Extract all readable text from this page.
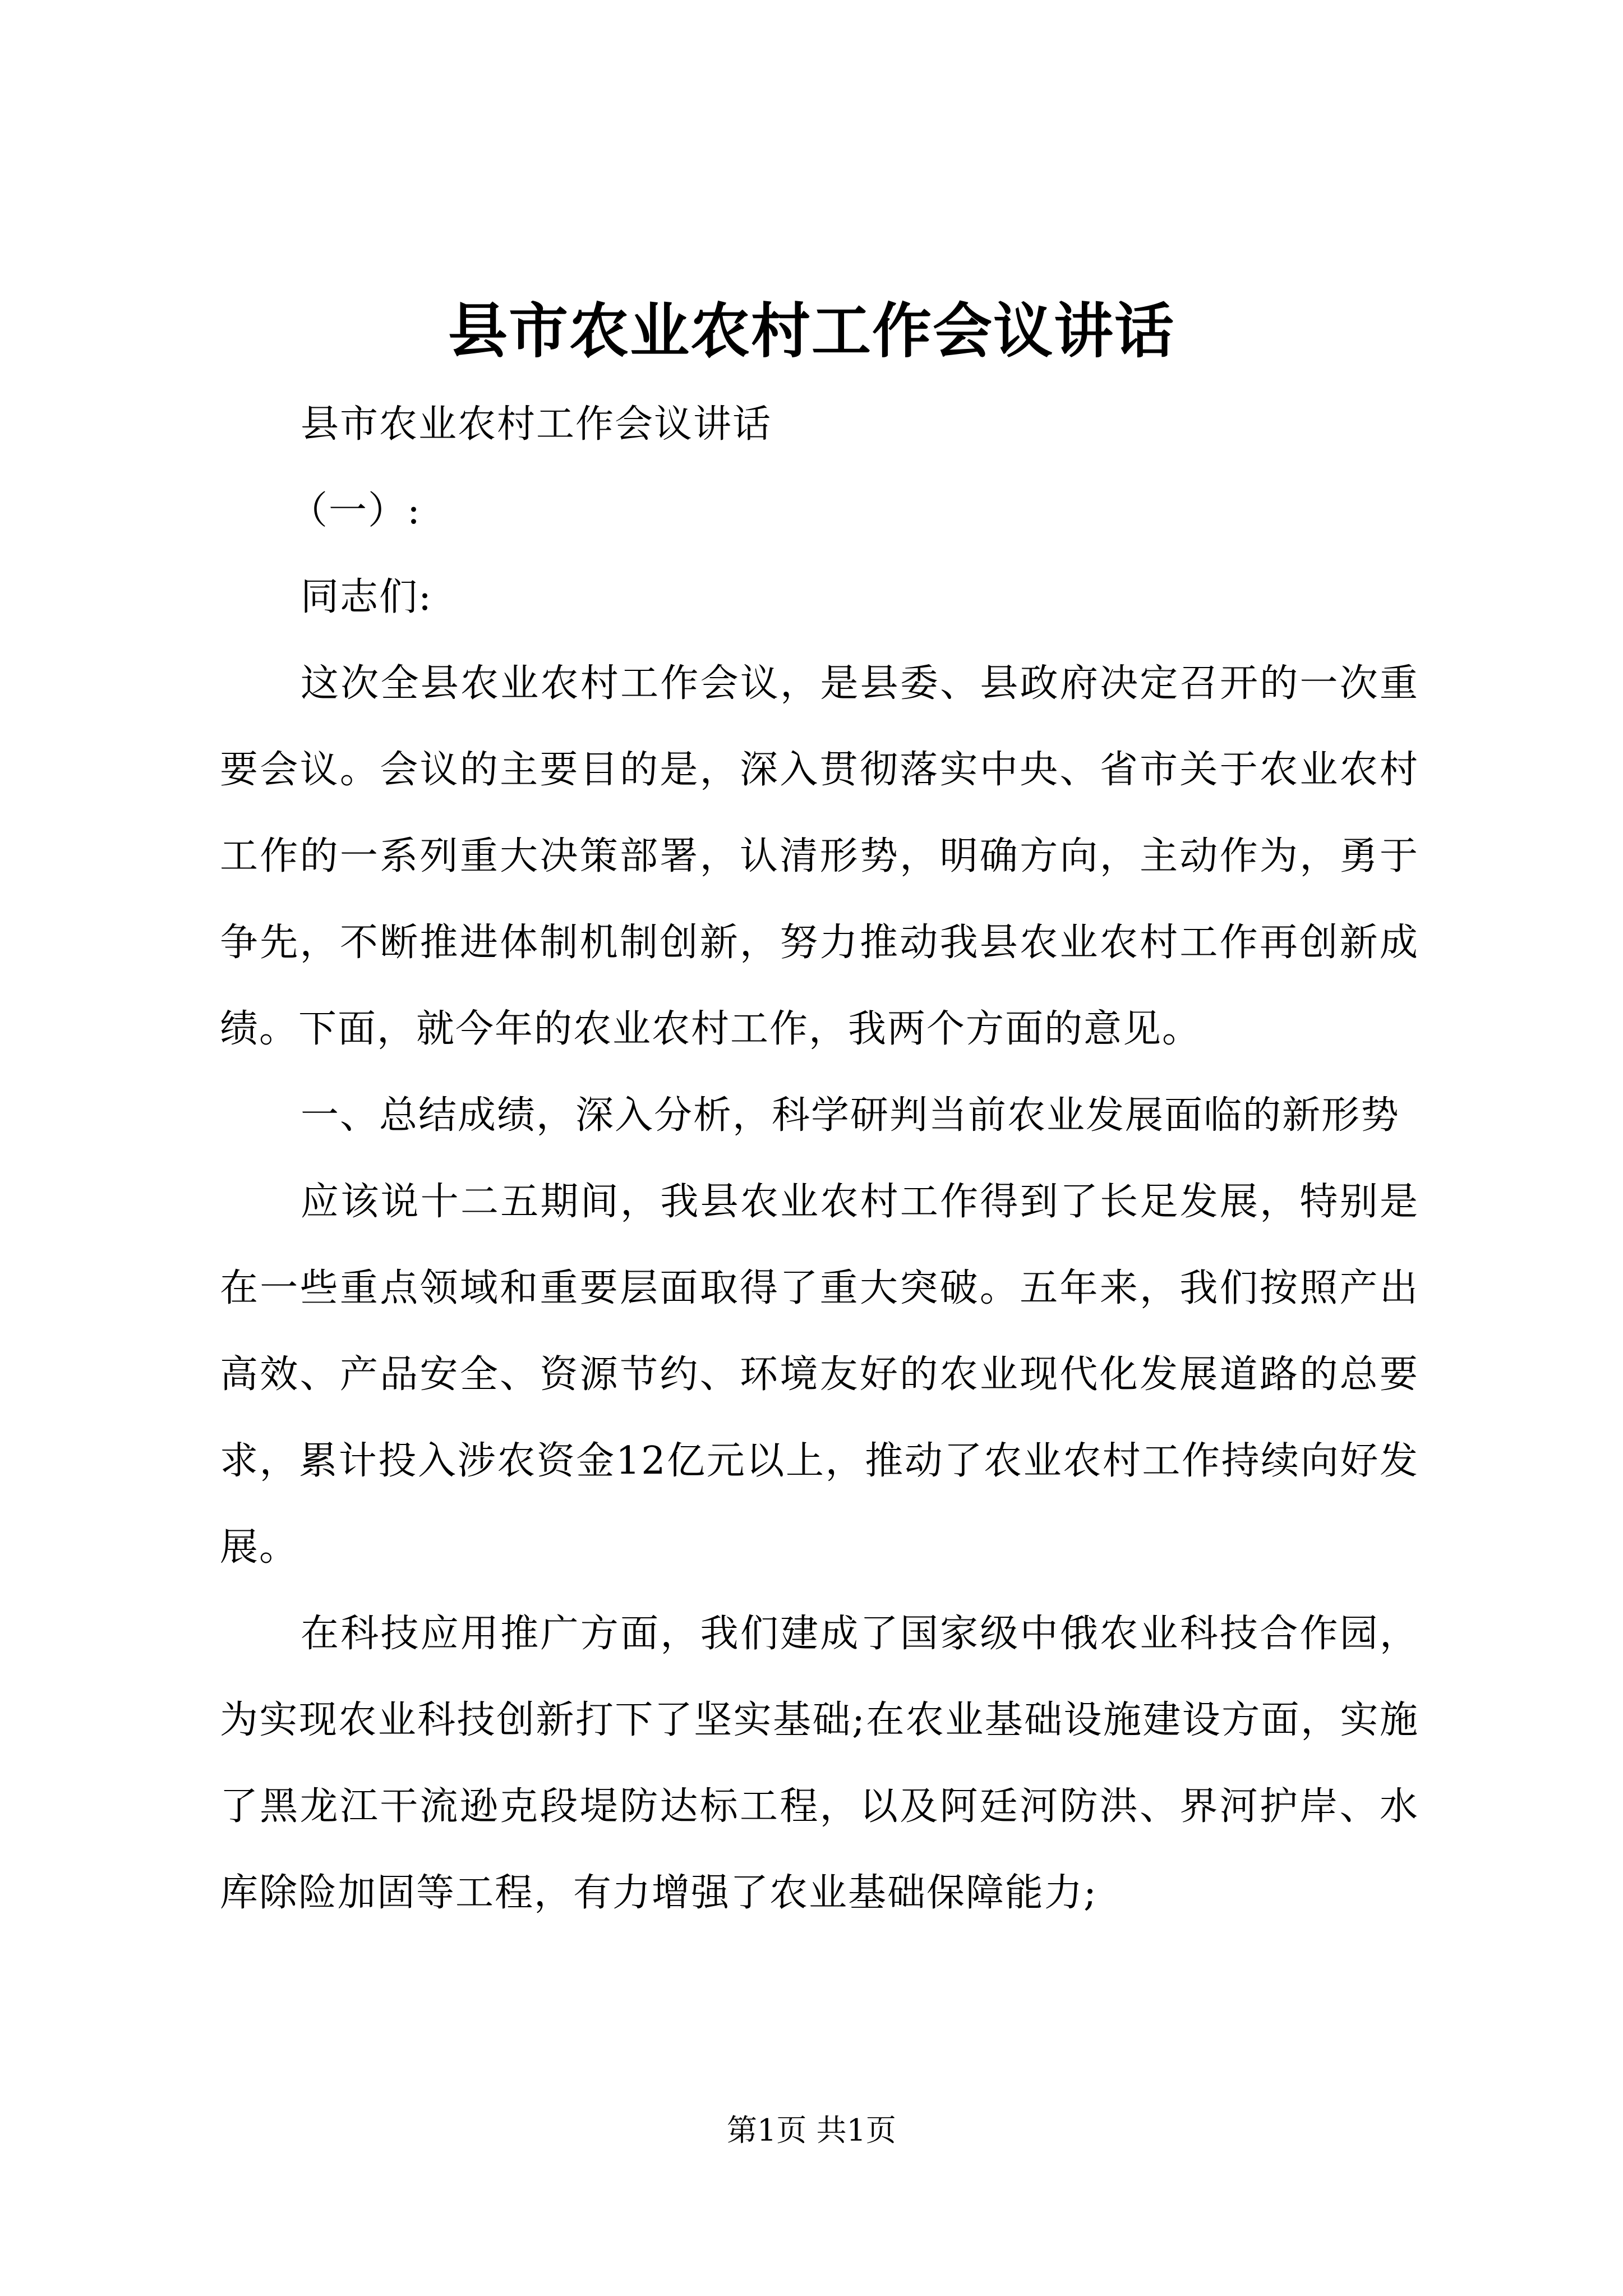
县市农业农村工作会议讲话

县市农业农村工作会议讲话

（一）:

同志们:

这次全县农业农村工作会议，是县委、县政府决定召开的一次重要会议。会议的主要目的是，深入贯彻落实中央、省市关于农业农村工作的一系列重大决策部署，认清形势，明确方向，主动作为，勇于争先，不断推进体制机制创新，努力推动我县农业农村工作再创新成绩。下面，就今年的农业农村工作，我两个方面的意见。

一、总结成绩，深入分析，科学研判当前农业发展面临的新形势

应该说十二五期间，我县农业农村工作得到了长足发展，特别是在一些重点领域和重要层面取得了重大突破。五年来，我们按照产出高效、产品安全、资源节约、环境友好的农业现代化发展道路的总要求，累计投入涉农资金12亿元以上，推动了农业农村工作持续向好发展。

在科技应用推广方面，我们建成了国家级中俄农业科技合作园，为实现农业科技创新打下了坚实基础;在农业基础设施建设方面，实施了黑龙江干流逊克段堤防达标工程，以及阿廷河防洪、界河护岸、水库除险加固等工程，有力增强了农业基础保障能力;

第1页 共1页
